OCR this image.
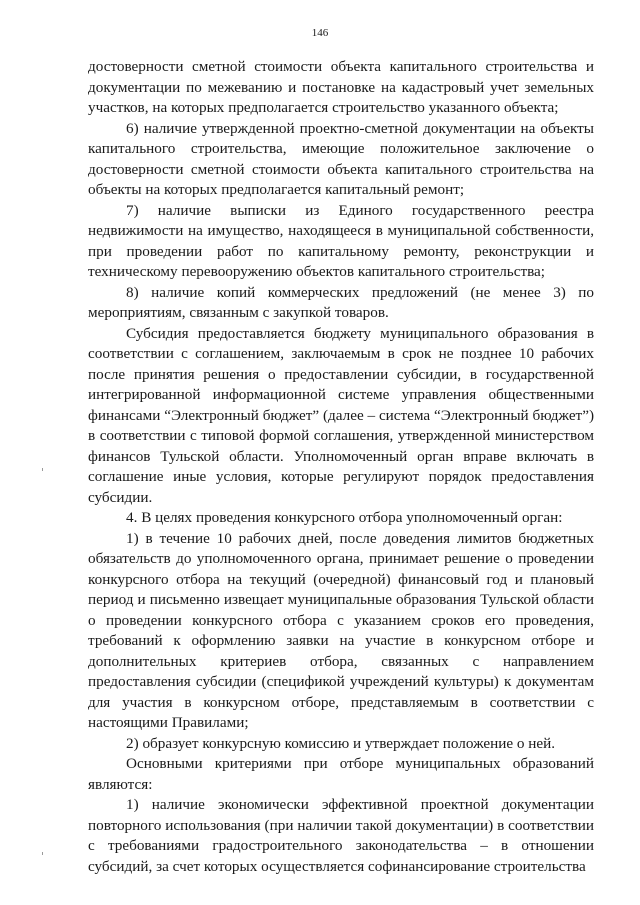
146

достоверности сметной стоимости объекта капитального строительства и документации по межеванию и постановке на кадастровый учет земельных участков, на которых предполагается строительство указанного объекта;

6) наличие утвержденной проектно-сметной документации на объекты капитального строительства, имеющие положительное заключение о достоверности сметной стоимости объекта капитального строительства на объекты на которых предполагается капитальный ремонт;

7) наличие выписки из Единого государственного реестра недвижимости на имущество, находящееся в муниципальной собственности, при проведении работ по капитальному ремонту, реконструкции и техническому перевооружению объектов капитального строительства;

8) наличие копий коммерческих предложений (не менее 3) по мероприятиям, связанным с закупкой товаров.

Субсидия предоставляется бюджету муниципального образования в соответствии с соглашением, заключаемым в срок не позднее 10 рабочих после принятия решения о предоставлении субсидии, в государственной интегрированной информационной системе управления общественными финансами “Электронный бюджет” (далее – система “Электронный бюджет”) в соответствии с типовой формой соглашения, утвержденной министерством финансов Тульской области. Уполномоченный орган вправе включать в соглашение иные условия, которые регулируют порядок предоставления субсидии.

4. В целях проведения конкурсного отбора уполномоченный орган:

1) в течение 10 рабочих дней, после доведения лимитов бюджетных обязательств до уполномоченного органа, принимает решение о проведении конкурсного отбора на текущий (очередной) финансовый год и плановый период и письменно извещает муниципальные образования Тульской области о проведении конкурсного отбора с указанием сроков его проведения, требований к оформлению заявки на участие в конкурсном отборе и дополнительных критериев отбора, связанных с направлением предоставления субсидии (спецификой учреждений культуры) к документам для участия в конкурсном отборе, представляемым в соответствии с настоящими Правилами;

2) образует конкурсную комиссию и утверждает положение о ней.

Основными критериями при отборе муниципальных образований являются:

1) наличие экономически эффективной проектной документации повторного использования (при наличии такой документации) в соответствии с требованиями градостроительного законодательства – в отношении субсидий, за счет которых осуществляется софинансирование строительства
